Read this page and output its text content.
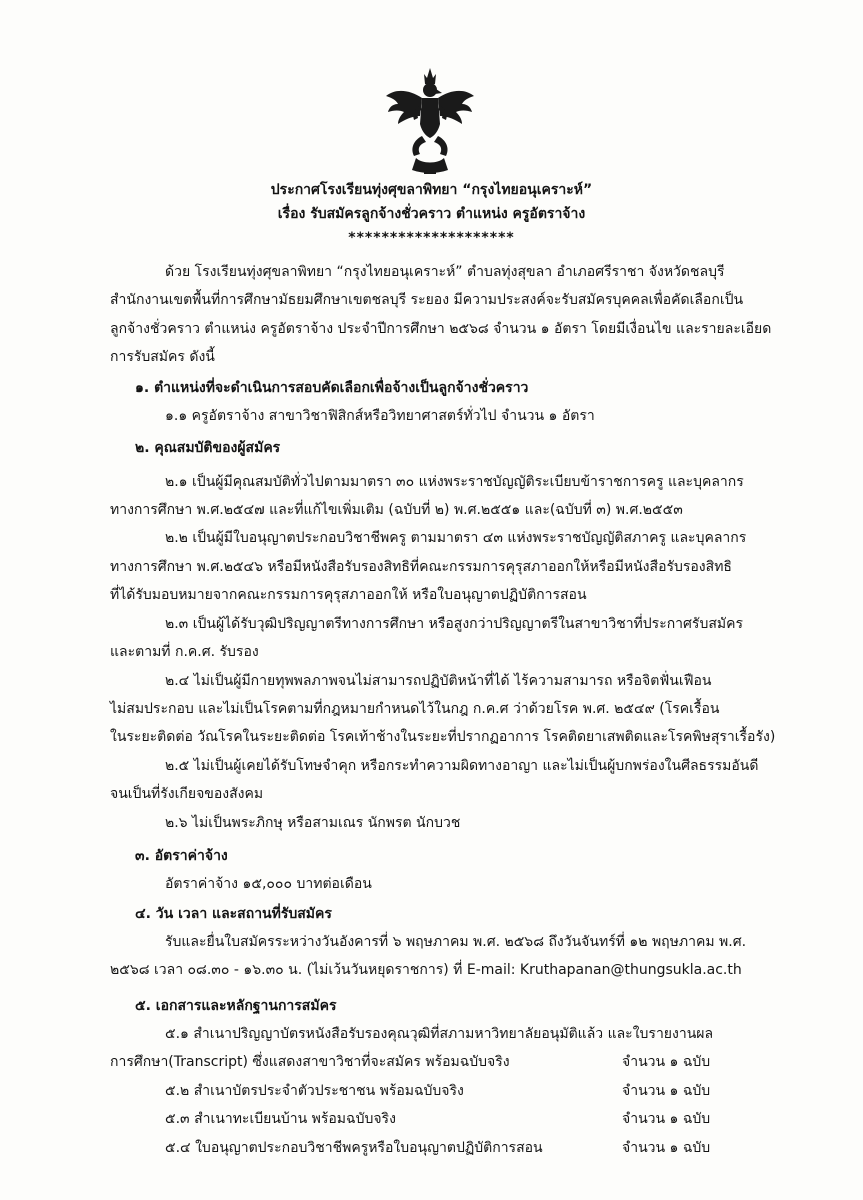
ประกาศโรงเรียนทุ่งศุขลาพิทยา “กรุงไทยอนุเคราะห์”
เรื่อง รับสมัครลูกจ้างชั่วคราว ตำแหน่ง ครูอัตราจ้าง
********************
ด้วย โรงเรียนทุ่งศุขลาพิทยา “กรุงไทยอนุเคราะห์” ตำบลทุ่งสุขลา อำเภอศรีราชา จังหวัดชลบุรี
สำนักงานเขตพื้นที่การศึกษามัธยมศึกษาเขตชลบุรี ระยอง มีความประสงค์จะรับสมัครบุคคลเพื่อคัดเลือกเป็น
ลูกจ้างชั่วคราว ตำแหน่ง ครูอัตราจ้าง ประจำปีการศึกษา ๒๕๖๘ จำนวน ๑ อัตรา โดยมีเงื่อนไข และรายละเอียด
การรับสมัคร ดังนี้
๑. ตำแหน่งที่จะดำเนินการสอบคัดเลือกเพื่อจ้างเป็นลูกจ้างชั่วคราว
๑.๑ ครูอัตราจ้าง สาขาวิชาฟิสิกส์หรือวิทยาศาสตร์ทั่วไป จำนวน ๑ อัตรา
๒. คุณสมบัติของผู้สมัคร
๒.๑ เป็นผู้มีคุณสมบัติทั่วไปตามมาตรา ๓๐ แห่งพระราชบัญญัติระเบียบข้าราชการครู และบุคลากร
ทางการศึกษา พ.ศ.๒๕๔๗ และที่แก้ไขเพิ่มเติม (ฉบับที่ ๒) พ.ศ.๒๕๕๑ และ(ฉบับที่ ๓) พ.ศ.๒๕๕๓
๒.๒ เป็นผู้มีใบอนุญาตประกอบวิชาชีพครู ตามมาตรา ๔๓ แห่งพระราชบัญญัติสภาครู และบุคลากร
ทางการศึกษา พ.ศ.๒๕๔๖ หรือมีหนังสือรับรองสิทธิที่คณะกรรมการคุรุสภาออกให้หรือมีหนังสือรับรองสิทธิ
ที่ได้รับมอบหมายจากคณะกรรมการคุรุสภาออกให้ หรือใบอนุญาตปฏิบัติการสอน
๒.๓ เป็นผู้ได้รับวุฒิปริญญาตรีทางการศึกษา หรือสูงกว่าปริญญาตรีในสาขาวิชาที่ประกาศรับสมัคร
และตามที่ ก.ค.ศ. รับรอง
๒.๔ ไม่เป็นผู้มีกายทุพพลภาพจนไม่สามารถปฏิบัติหน้าที่ได้ ไร้ความสามารถ หรือจิตฟั่นเฟือน
ไม่สมประกอบ และไม่เป็นโรคตามที่กฎหมายกำหนดไว้ในกฎ ก.ค.ศ ว่าด้วยโรค พ.ศ. ๒๕๔๙ (โรคเรื้อน
ในระยะติดต่อ วัณโรคในระยะติดต่อ โรคเท้าช้างในระยะที่ปรากฏอาการ โรคติดยาเสพติดและโรคพิษสุราเรื้อรัง)
๒.๕ ไม่เป็นผู้เคยได้รับโทษจำคุก หรือกระทำความผิดทางอาญา และไม่เป็นผู้บกพร่องในศีลธรรมอันดี
จนเป็นที่รังเกียจของสังคม
๒.๖ ไม่เป็นพระภิกษุ หรือสามเณร นักพรต นักบวช
๓. อัตราค่าจ้าง
อัตราค่าจ้าง ๑๕,๐๐๐ บาทต่อเดือน
๔. วัน เวลา และสถานที่รับสมัคร
รับและยื่นใบสมัครระหว่างวันอังคารที่ ๖ พฤษภาคม พ.ศ. ๒๕๖๘ ถึงวันจันทร์ที่ ๑๒ พฤษภาคม พ.ศ.
๒๕๖๘ เวลา ๐๘.๓๐ - ๑๖.๓๐ น. (ไม่เว้นวันหยุดราชการ) ที่ E-mail: Kruthapanan@thungsukla.ac.th
๕. เอกสารและหลักฐานการสมัคร
๕.๑ สำเนาปริญญาบัตรหนังสือรับรองคุณวุฒิที่สภามหาวิทยาลัยอนุมัติแล้ว และใบรายงานผล
การศึกษา(Transcript) ซึ่งแสดงสาขาวิชาที่จะสมัคร พร้อมฉบับจริง	จำนวน ๑ ฉบับ
๕.๒ สำเนาบัตรประจำตัวประชาชน พร้อมฉบับจริง	จำนวน ๑ ฉบับ
๕.๓ สำเนาทะเบียนบ้าน พร้อมฉบับจริง	จำนวน ๑ ฉบับ
๕.๔ ใบอนุญาตประกอบวิชาชีพครูหรือใบอนุญาตปฏิบัติการสอน	จำนวน ๑ ฉบับ
